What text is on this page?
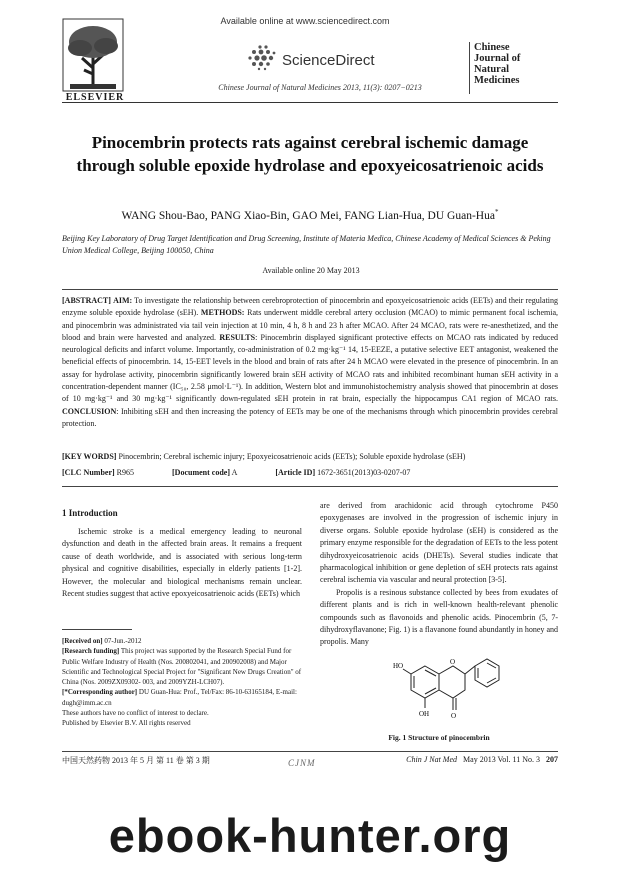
ELSEVIER
Available online at www.sciencedirect.com
ScienceDirect
Chinese Journal of Natural Medicines 2013, 11(3): 0207−0213
Chinese
Journal of
Natural
Medicines
Pinocembrin protects rats against cerebral ischemic damage through soluble epoxide hydrolase and epoxyeicosatrienoic acids
WANG Shou-Bao, PANG Xiao-Bin, GAO Mei, FANG Lian-Hua, DU Guan-Hua*
Beijing Key Laboratory of Drug Target Identification and Drug Screening, Institute of Materia Medica, Chinese Academy of Medical Sciences & Peking Union Medical College, Beijing 100050, China
Available online 20 May 2013
[ABSTRACT] AIM: To investigate the relationship between cerebroprotection of pinocembrin and epoxyeicosatrienoic acids (EETs) and their regulating enzyme soluble epoxide hydrolase (sEH). METHODS: Rats underwent middle cerebral artery occlusion (MCAO) to mimic permanent focal ischemia, and pinocembrin was administrated via tail vein injection at 10 min, 4 h, 8 h and 23 h after MCAO. After 24 MCAO, rats were re-anesthetized, and the blood and brain were harvested and analyzed. RESULTS: Pinocembrin displayed significant protective effects on MCAO rats indicated by reduced neurological deficits and infarct volume. Importantly, co-administration of 0.2 mg·kg⁻¹ 14, 15-EEZE, a putative selective EET antagonist, weakened the beneficial effects of pinocembrin. 14, 15-EET levels in the blood and brain of rats after 24 h MCAO were elevated in the presence of pinocembrin. In an assay for hydrolase activity, pinocembrin significantly lowered brain sEH activity of MCAO rats and inhibited recombinant human sEH activity in a concentration-dependent manner (IC₅₀, 2.58 μmol·L⁻¹). In addition, Western blot and immunohistochemistry analysis showed that pinocembrin at doses of 10 mg·kg⁻¹ and 30 mg·kg⁻¹ significantly down-regulated sEH protein in rat brain, especially the hippocampus CA1 region of MCAO rats. CONCLUSION: Inhibiting sEH and then increasing the potency of EETs may be one of the mechanisms through which pinocembrin provides cerebral protection.
[KEY WORDS] Pinocembrin; Cerebral ischemic injury; Epoxyeicosatrienoic acids (EETs); Soluble epoxide hydrolase (sEH)
[CLC Number] R965	[Document code] A	[Article ID] 1672-3651(2013)03-0207-07
1 Introduction

Ischemic stroke is a medical emergency leading to neuronal dysfunction and death in the affected brain areas. It remains a frequent cause of death worldwide, and is associated with serious long-term physical and cognitive disabilities, especially in elderly patients [1-2]. However, the molecular and biological mechanisms remain unclear. Recent studies suggest that active epoxyeicosatrienoic acids (EETs) which

are derived from arachidonic acid through cytochrome P450 epoxygenases are involved in the progression of ischemic injury in diverse organs. Soluble epoxide hydrolase (sEH) is considered as the primary enzyme responsible for the degradation of EETs to the less potent dihydroxyeicosatrienoic acids (DHETs). Several studies indicate that pharmacological inhibition or gene depletion of sEH protects rats against cerebral ischemia via vascular and neural protection [3-5].

Propolis is a resinous substance collected by bees from exudates of different plants and is rich in well-known health-relevant phenolic compounds such as flavonoids and phenolic acids. Pinocembrin (5, 7-dihydroxyflavanone; Fig. 1) is a flavanone found abundantly in honey and propolis. Many

[Received on] 07-Jun.-2012
[Research funding] This project was supported by the Research Special Fund for Public Welfare Industry of Health (Nos. 200802041, and 200902008) and Major Scientific and Technological Special Project for "Significant New Drugs Creation" of China (Nos. 2009ZX09302- 003, and 2009YZH-LCH07).
[*Corresponding author] DU Guan-Hua: Prof., Tel/Fax: 86-10-63165184, E-mail: dugh@imm.ac.cn
These authors have no conflict of interest to declare.
Published by Elsevier B.V. All rights reserved
HO
OH	O
O
Fig. 1 Structure of pinocembrin
中国天然药物 2013 年 5 月 第 11 卷 第 3 期	CJNM	Chin J Nat Med May 2013 Vol. 11 No. 3 207
ebook-hunter.org
